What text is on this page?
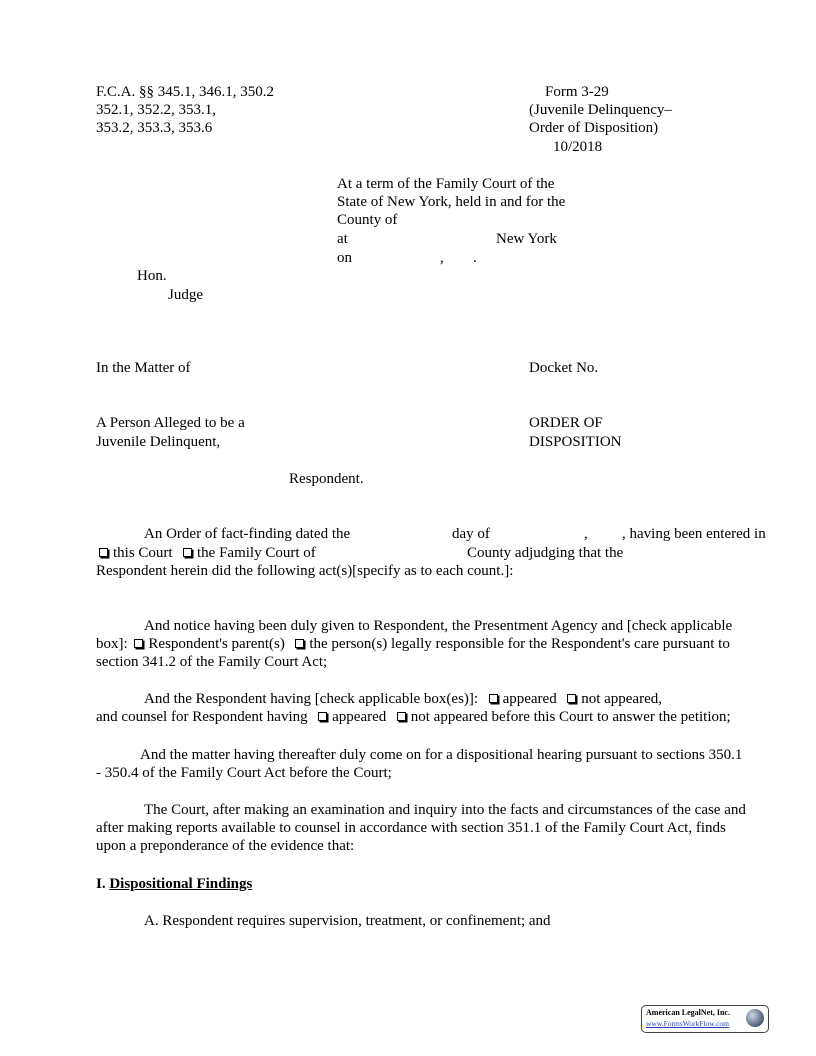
F.C.A. §§ 345.1, 346.1, 350.2
352.1, 352.2, 353.1,
353.2, 353.3, 353.6
Form 3-29
(Juvenile Delinquency–
Order of Disposition)
10/2018
At a term of the Family Court of the
State of New York, held in and for the
County of
at	New York
on	, .
Hon.
Judge
In the Matter of	Docket No.
A Person Alleged to be a
Juvenile Delinquent,
ORDER OF
DISPOSITION
Respondent.
An Order of fact-finding dated the	day of	, , having been entered in
this Court	the Family Court of	County adjudging that the
Respondent herein did the following act(s)[specify as to each count.]:
And notice having been duly given to Respondent, the Presentment Agency and [check applicable
box]: Respondent's parent(s) the person(s) legally responsible for the Respondent's care pursuant to
section 341.2 of the Family Court Act;
And the Respondent having [check applicable box(es)]: appeared not appeared,
and counsel for Respondent having appeared not appeared before this Court to answer the petition;
And the matter having thereafter duly come on for a dispositional hearing pursuant to sections 350.1
- 350.4 of the Family Court Act before the Court;
The Court, after making an examination and inquiry into the facts and circumstances of the case and
after making reports available to counsel in accordance with section 351.1 of the Family Court Act, finds
upon a preponderance of the evidence that:
I. Dispositional Findings
A. Respondent requires supervision, treatment, or confinement; and
American LegalNet, Inc.
www.FormsWorkFlow.com
